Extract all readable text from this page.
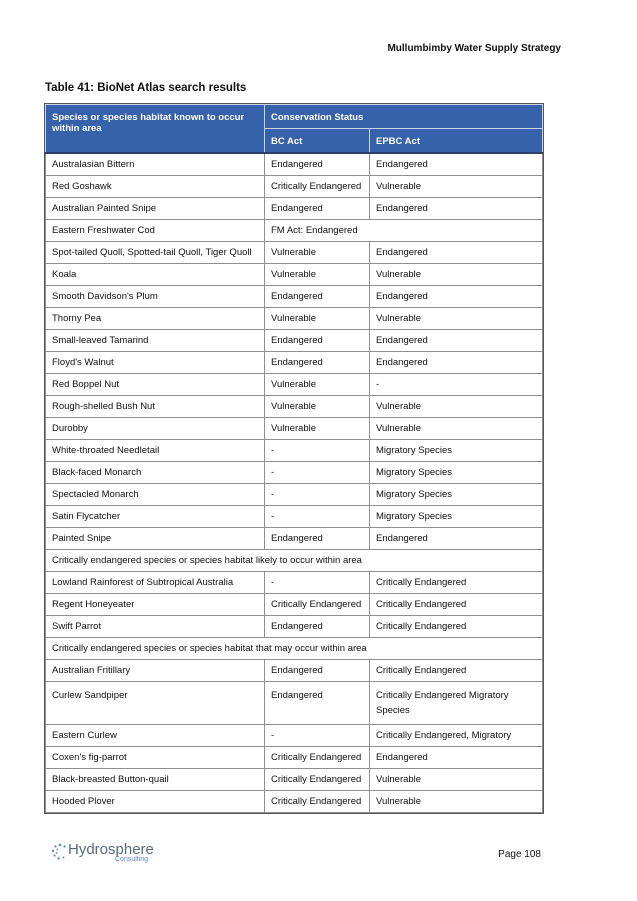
Mullumbimby Water Supply Strategy
Table 41: BioNet Atlas search results
Species or species habitat known to occur within area	Conservation Status	
	BC Act	EPBC Act
Australasian Bittern	Endangered	Endangered
Red Goshawk	Critically Endangered	Vulnerable
Australian Painted Snipe	Endangered	Endangered
Eastern Freshwater Cod	FM Act: Endangered	
Spot-tailed Quoll, Spotted-tail Quoll, Tiger Quoll	Vulnerable	Endangered
Koala	Vulnerable	Vulnerable
Smooth Davidson's Plum	Endangered	Endangered
Thorny Pea	Vulnerable	Vulnerable
Small-leaved Tamarind	Endangered	Endangered
Floyd's Walnut	Endangered	Endangered
Red Boppel Nut	Vulnerable	-
Rough-shelled Bush Nut	Vulnerable	Vulnerable
Durobby	Vulnerable	Vulnerable
White-throated Needletail	-	Migratory Species
Black-faced Monarch	-	Migratory Species
Spectacled Monarch	-	Migratory Species
Satin Flycatcher	-	Migratory Species
Painted Snipe	Endangered	Endangered
Critically endangered species or species habitat likely to occur within area		
Lowland Rainforest of Subtropical Australia	-	Critically Endangered
Regent Honeyeater	Critically Endangered	Critically Endangered
Swift Parrot	Endangered	Critically Endangered
Critically endangered species or species habitat that may occur within area		
Australian Fritillary	Endangered	Critically Endangered
Curlew Sandpiper	Endangered	Critically Endangered Migratory Species
Eastern Curlew	-	Critically Endangered, Migratory
Coxen's fig-parrot	Critically Endangered	Endangered
Black-breasted Button-quail	Critically Endangered	Vulnerable
Hooded Plover	Critically Endangered	Vulnerable
Hydrosphere
Consulting	Page 108
